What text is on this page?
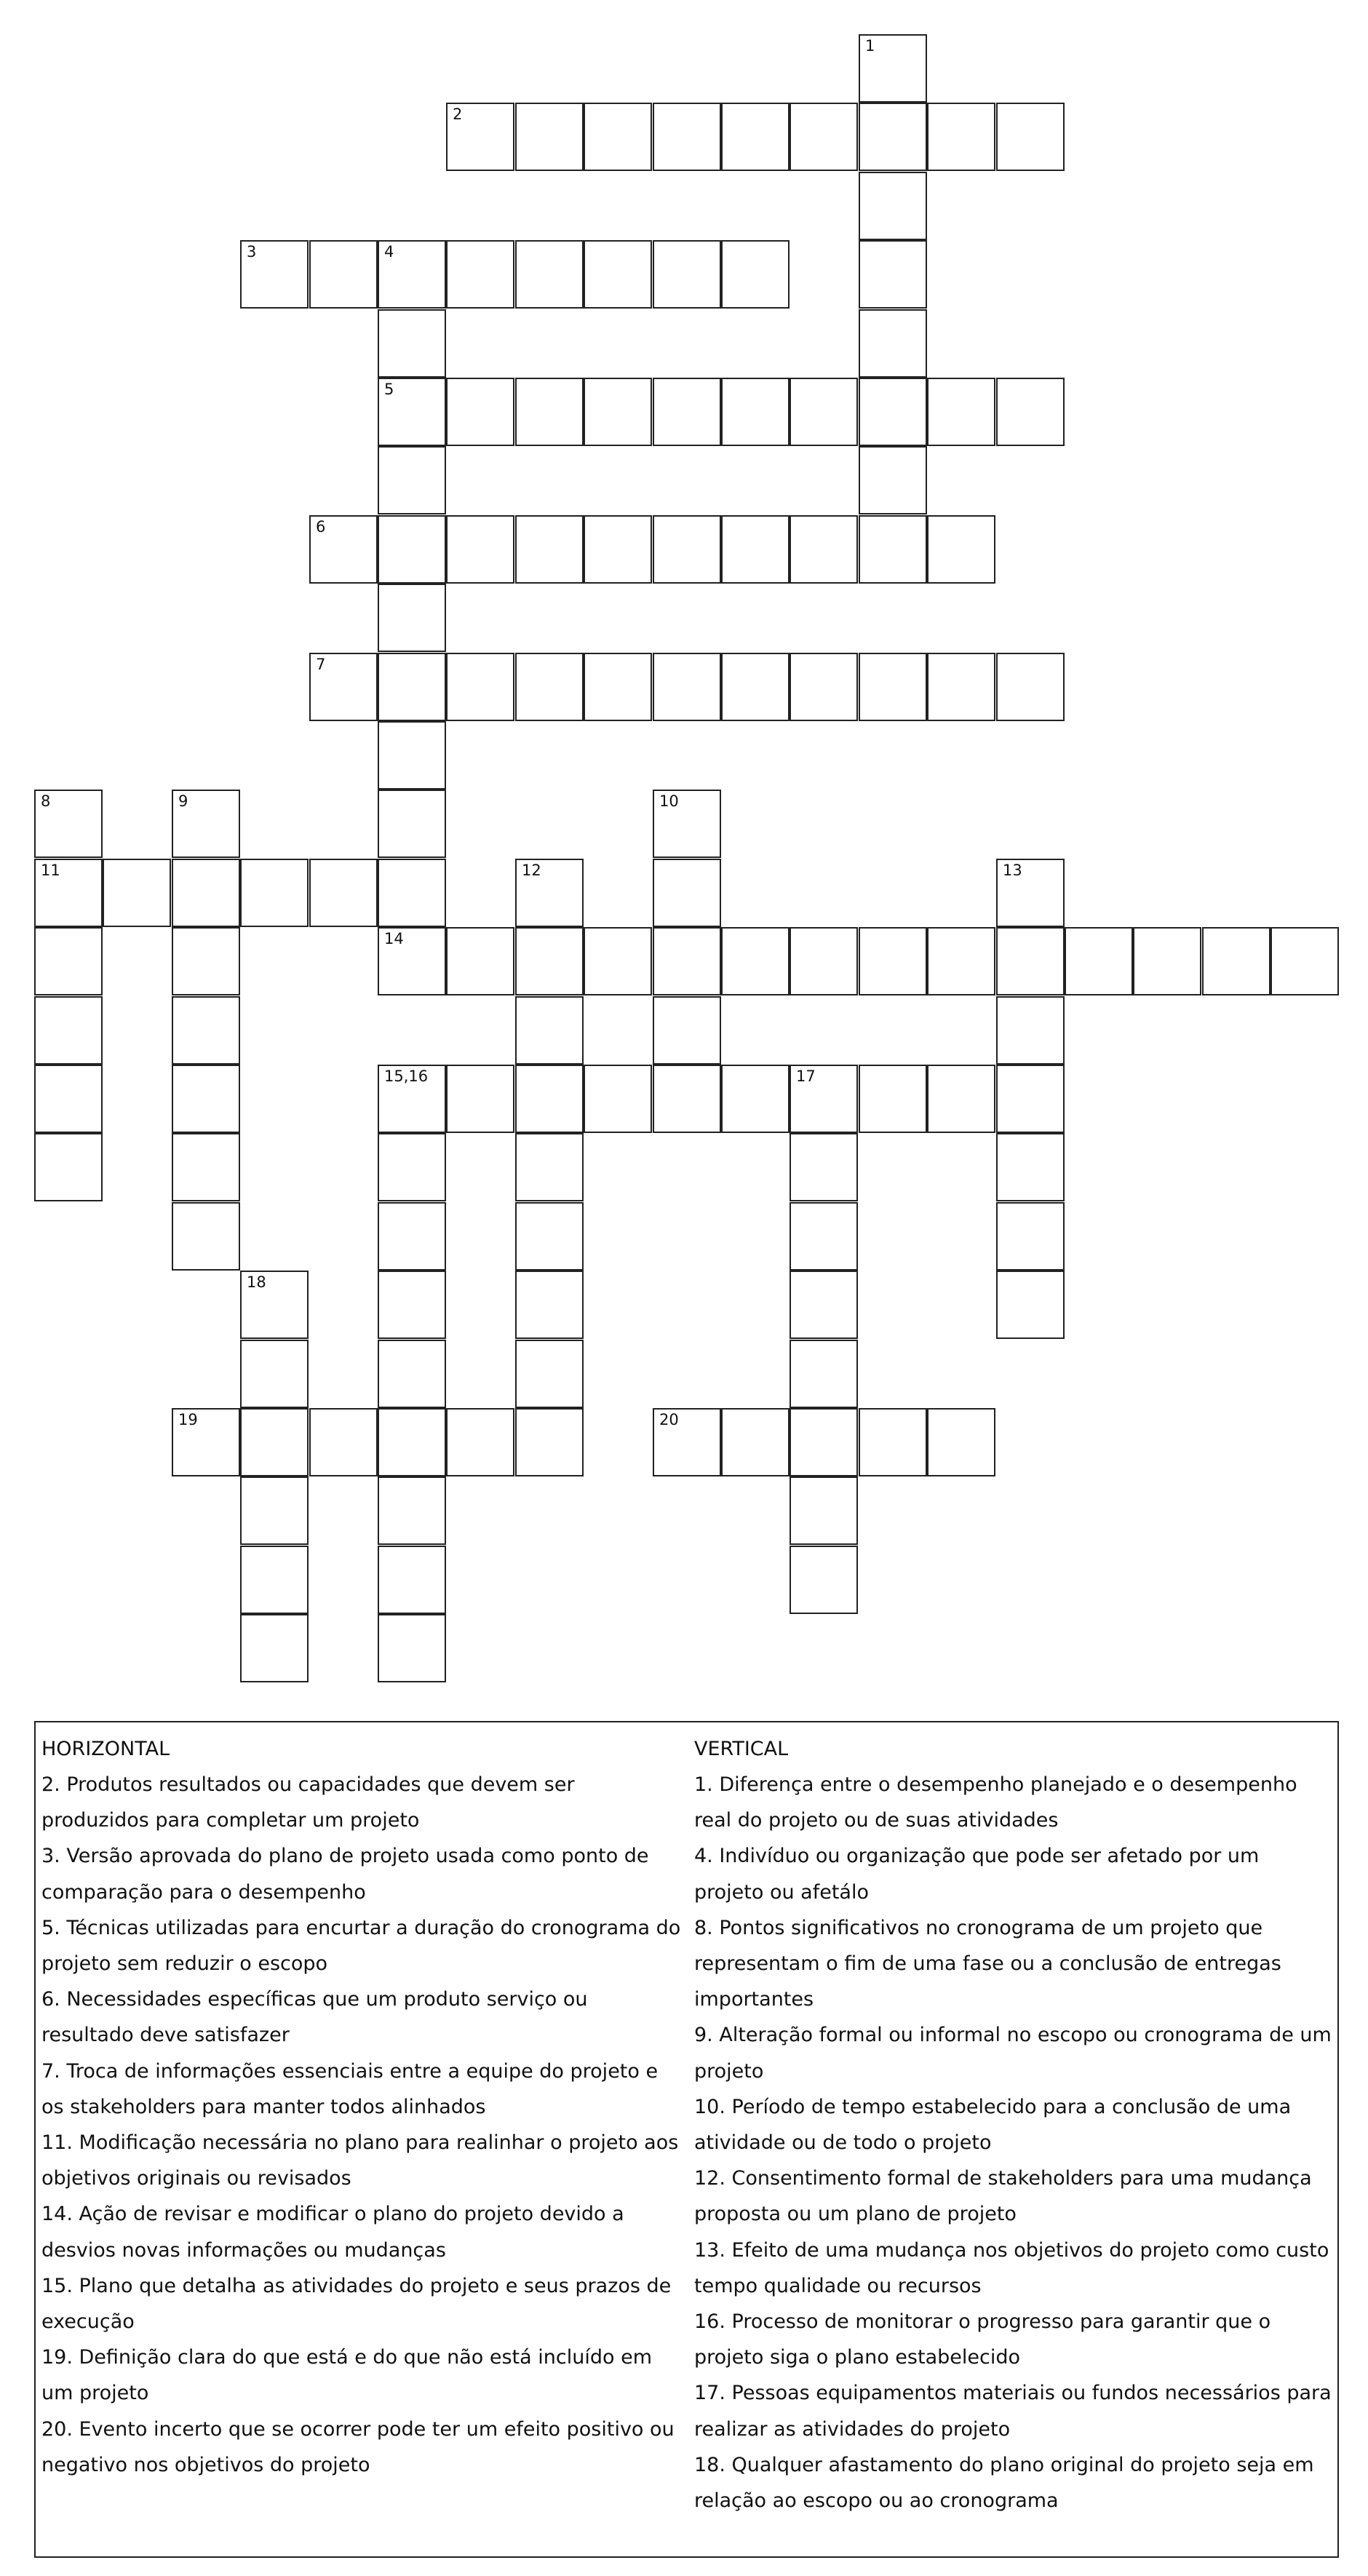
1
2
3	4
5
6
7
8
11
9	10
12	13
14
15,16	17
18
19	20
HORIZONTAL
2. Produtos resultados ou capacidades que devem ser produzidos para completar um projeto
3. Versão aprovada do plano de projeto usada como ponto de comparação para o desempenho
5. Técnicas utilizadas para encurtar a duração do cronograma do projeto sem reduzir o escopo
6. Necessidades específicas que um produto serviço ou resultado deve satisfazer
7. Troca de informações essenciais entre a equipe do projeto e os stakeholders para manter todos alinhados
11. Modificação necessária no plano para realinhar o projeto aos objetivos originais ou revisados
14. Ação de revisar e modificar o plano do projeto devido a desvios novas informações ou mudanças
15. Plano que detalha as atividades do projeto e seus prazos de execução
19. Definição clara do que está e do que não está incluído em um projeto
20. Evento incerto que se ocorrer pode ter um efeito positivo ou negativo nos objetivos do projeto
VERTICAL
1. Diferença entre o desempenho planejado e o desempenho real do projeto ou de suas atividades
4. Indivíduo ou organização que pode ser afetado por um projeto ou afetálo
8. Pontos significativos no cronograma de um projeto que representam o fim de uma fase ou a conclusão de entregas importantes
9. Alteração formal ou informal no escopo ou cronograma de um projeto
10. Período de tempo estabelecido para a conclusão de uma atividade ou de todo o projeto
12. Consentimento formal de stakeholders para uma mudança proposta ou um plano de projeto
13. Efeito de uma mudança nos objetivos do projeto como custo tempo qualidade ou recursos
16. Processo de monitorar o progresso para garantir que o projeto siga o plano estabelecido
17. Pessoas equipamentos materiais ou fundos necessários para realizar as atividades do projeto
18. Qualquer afastamento do plano original do projeto seja em relação ao escopo ou ao cronograma
